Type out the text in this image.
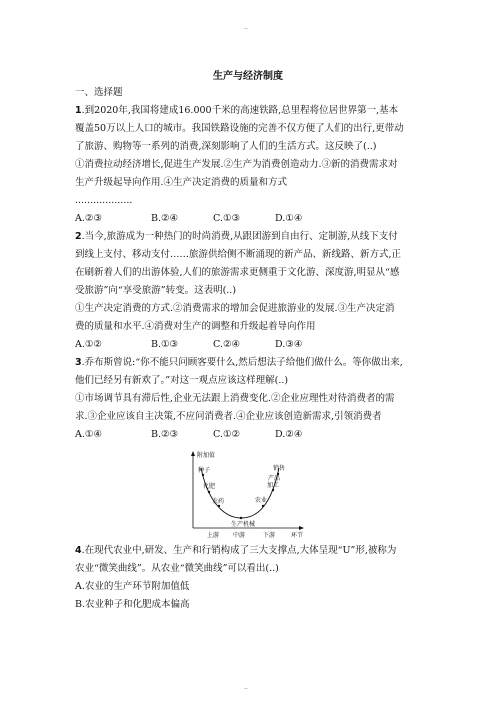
..
生产与经济制度
一、选择题
1.到2020年,我国将建成16.000千米的高速铁路,总里程将位居世界第一,基本
覆盖50万以上人口的城市。我国铁路设施的完善不仅方便了人们的出行,更带动
了旅游、购物等一系列的消费,深刻影响了人们的生活方式。这反映了(..)
①消费拉动经济增长,促进生产发展.②生产为消费创造动力.③新的消费需求对
生产升级起导向作用.④生产决定消费的质量和方式
...................
A.②③	B.②④	C.①③	D.①④
2.当今,旅游成为一种热门的时尚消费,从跟团游到自由行、定制游,从线下支付
到线上支付、移动支付……旅游供给侧不断涌现的新产品、新线路、新方式,正
在刷新着人们的出游体验,人们的旅游需求更侧重于文化游、深度游,明显从“感
受旅游”向“享受旅游”转变。这表明(..)
①生产决定消费的方式.②消费需求的增加会促进旅游业的发展.③生产决定消
费的质量和水平.④消费对生产的调整和升级起着导向作用
A.①②	B.①③	C.②④	D.③④
3.乔布斯曾说:“你不能只问顾客要什么,然后想法子给他们做什么。等你做出来,
他们已经另有新欢了。”对这一观点应该这样理解(..)
①市场调节具有滞后性,企业无法跟上消费变化.②企业应理性对待消费者的需
求.③企业应该自主决策,不应问消费者.④企业应该创造新需求,引领消费者
A.①④	B.②③	C.①②	D.②④
附加值
环节
上游 中游	下游
种子
化肥
农药
生产机械
农业
加工
产品
销售
4.在现代农业中,研发、生产和行销构成了三大支撑点,大体呈现“U”形,被称为
农业“微笑曲线”。从农业“微笑曲线”可以看出(..)
A.农业的生产环节附加值低
B.农业种子和化肥成本偏高
..
